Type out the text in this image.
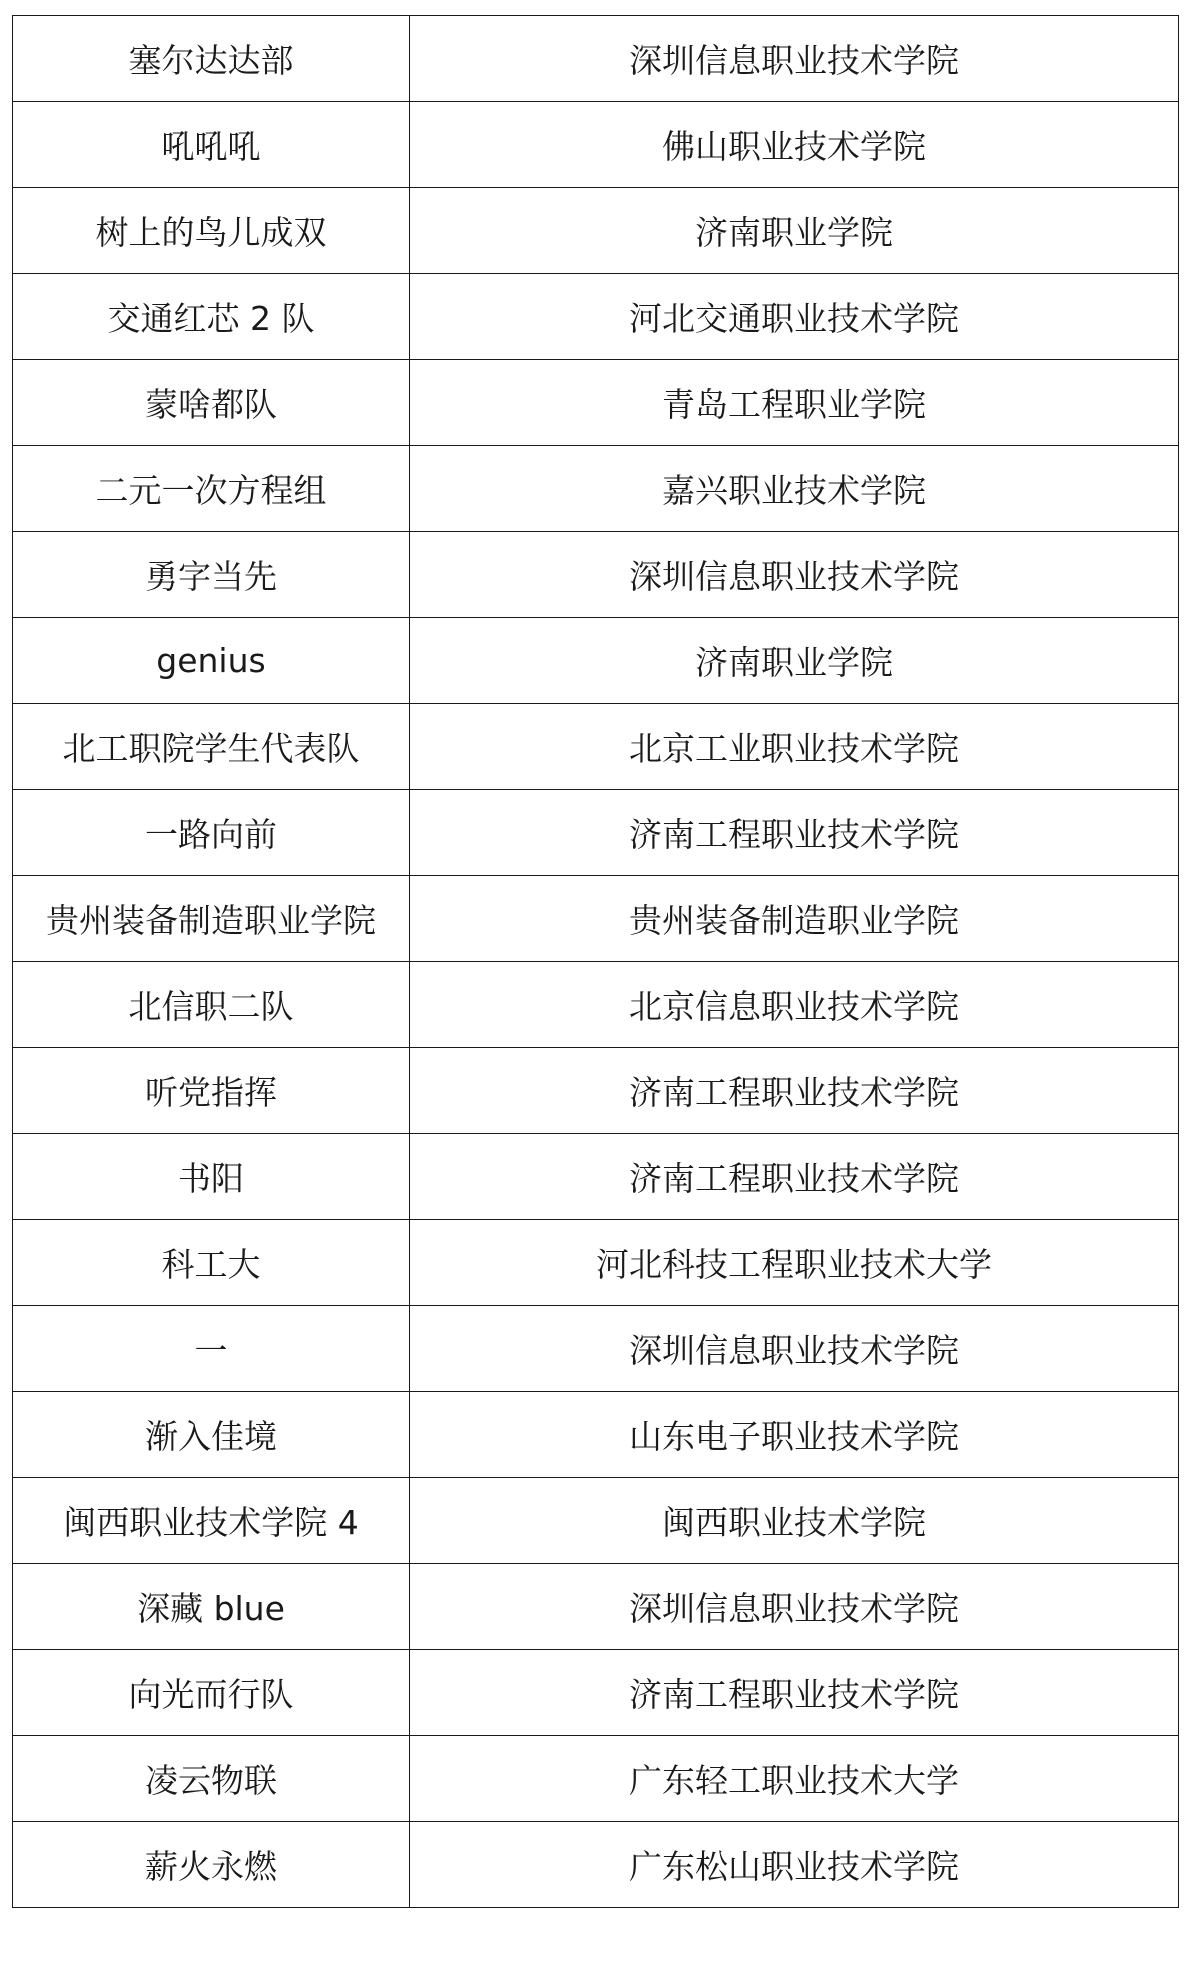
塞尔达达部	深圳信息职业技术学院
吼吼吼	佛山职业技术学院
树上的鸟儿成双	济南职业学院
交通红芯 2 队	河北交通职业技术学院
蒙啥都队	青岛工程职业学院
二元一次方程组	嘉兴职业技术学院
勇字当先	深圳信息职业技术学院
genius	济南职业学院
北工职院学生代表队	北京工业职业技术学院
一路向前	济南工程职业技术学院
贵州装备制造职业学院	贵州装备制造职业学院
北信职二队	北京信息职业技术学院
听党指挥	济南工程职业技术学院
书阳	济南工程职业技术学院
科工大	河北科技工程职业技术大学
一	深圳信息职业技术学院
渐入佳境	山东电子职业技术学院
闽西职业技术学院 4	闽西职业技术学院
深藏 blue	深圳信息职业技术学院
向光而行队	济南工程职业技术学院
凌云物联	广东轻工职业技术大学
薪火永燃	广东松山职业技术学院
